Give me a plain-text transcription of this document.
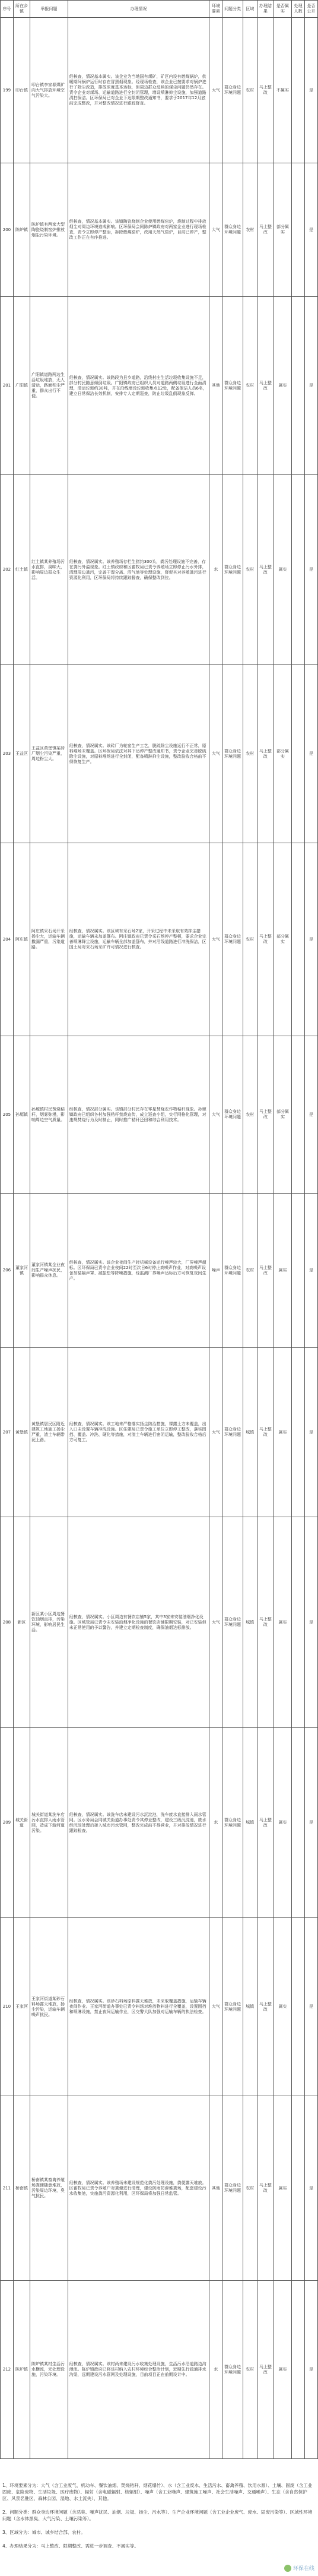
序号	所在乡镇	举报问题	办理情况	环境要素	问题分类	区域	办理结果	是否属实	处理人数	是否公开
199	印台镇	印台镇李家塬煤矿向大气排放环境空气污染大。	经核查，情况基本属实。该企业为当地国有煤矿，矿区内设有燃煤锅炉，供暖期间锅炉运行时存在冒黑烟现象。经现场检查，该企业已按要求对锅炉进行了除尘改造，排放浓度基本达标，但周边群众反映的煤尘问题仍然存在。责令企业对煤场、运输道路进行全封闭管理，增设喷淋抑尘设施，加强道路清扫保洁。区环保局已对企业下达限期整改通知书，要求于2017年12月底前完成整改，并对整改情况进行跟踪督查。	大气	群众身边环境问题	农村	马上整改	不属实		是
200	陈炉镇	陈炉镇有两家大型陶瓷烧制窑炉排放烟尘污染环境。	经核查，情况基本属实。该镇陶瓷烧制企业使用燃煤窑炉，烧制过程中排放烟尘对周边环境造成影响。区环保局会同陈炉镇政府对两家企业进行现场检查，责令立即停产整治，拆除燃煤窑炉，改用天然气窑炉，目前已停产，整改工作正在有序推进。	大气	群众身边环境问题	农村	马上整改	部分属实		是
201	广阳镇	广阳镇道路两边生活垃圾堆放，无人清运，路面积尘严重，群众出行不便。	经核查，情况属实。该路段为县乡道路，沿线村庄生活垃圾收集设施不足，部分村民随意倾倒垃圾。广阳镇政府已组织人员对道路两侧垃圾进行全面清理，清运垃圾约30吨，并在沿线增设垃圾收集点12处，配备保洁人员6名，建立日常保洁长效机制，安排专人定期巡查，防止垃圾乱倒现象反弹。	其他	群众身边环境问题	农村	马上整改	属实		是
202	红土镇	红土镇某养殖场污水直排，臭味大，影响周边群众生活。	经核查，情况属实。该养殖场存栏生猪约300头，粪污处理设施不完善，存在粪污外溢现象。红土镇政府和区畜牧局已责令养殖场立即停止污水外排，清理周边粪污，完善干湿分离、沼气池等处理设施，督促其对养殖粪污进行资源化利用，区环保局将持续跟踪督查，确保整改到位。	水	群众身边环境问题	农村	马上整改	属实		是
203	王益区	王益区黄堡镇某砖厂烟尘污染严重，周边粉尘大。	经核查，情况属实。该砖厂为轮窑生产工艺，脱硫除尘设施运行不正常，原料堆场未覆盖。区环保局依法对其下达停产整改通知书，责令企业完善脱硫除尘设施，对原料堆场进行全封闭，配备喷淋抑尘设施，整改验收合格前不得恢复生产。	大气	群众身边环境问题	农村	马上整改	部分属实		是
204	阿庄镇	阿庄镇采石场开采扬尘大，运输车辆撒漏严重，污染道路。	经核查，情况属实。该区域有采石场2家，开采过程中未采取有效抑尘措施，运输车辆未加盖篷布。阿庄镇政府已责令采石场停产整顿，要求企业完善喷淋降尘设施，运输车辆全部加盖篷布，并对沿线道路进行冲洗保洁，区国土局对采石场采矿许可情况进行核查。	大气	群众身边环境问题	农村	马上整改	部分属实		是
205	孙塬镇	孙塬镇村民焚烧秸秆，烟雾弥漫，影响周边空气质量。	经核查，情况部分属实。该镇部分村民存在零星焚烧农作物秸秆现象。孙塬镇政府已组织各村加强秸秆禁烧宣传，成立巡查小组，实行网格化管理，对违规焚烧行为及时制止，同时推广秸秆还田和综合利用技术。	大气	群众身边环境问题	农村	马上整改	部分属实		是
206	董家河镇	董家河镇某企业夜间生产噪声扰民，影响群众休息。	经核查，情况属实。该企业夜间生产时机械设备运行噪声较大，厂界噪声超标。区环保局已责令企业夜间22时至次日6时停止高噪声作业，对高噪声设备加装隔声罩、减振垫等降噪措施，经监测厂界噪声达标后方可恢复夜间生产。	噪声	群众身边环境问题	农村	马上整改	属实		是
207	黄堡镇	黄堡镇居民区附近建筑工地施工扬尘严重，渣土车辆带泥上路。	经核查，情况属实。该工地未严格落实扬尘防治措施，裸露土方未覆盖，出入口未设置车辆冲洗设施。区住建局已责令施工单位立即停工整改，落实围挡、覆盖、冲洗、硬化等措施，对渣土车辆进行密闭运输，整改验收合格后方可复工。	大气	群众身边环境问题	城镇	马上整改	属实		是
208	新区	新区某小区周边餐饮油烟直排，污染环境，影响居民生活。	经核查，情况属实。小区周边有餐饮店铺5家，其中3家未安装油烟净化设施。区城管局已责令未安装油烟净化设施的餐饮店铺限期安装，对已安装但未正常使用的予以警告，并建立定期检查制度，确保油烟达标排放。	大气	群众身边环境问题	城镇	马上整改	属实		是
209	城关街道	城关街道某洗车店污水直排入雨水管网，造成下游河道污染。	经核查，情况属实。该洗车店未建设污水沉淀池，洗车废水直接排入雨水管网。区水务局会同城关街道办事处责令其停业整改，建设三级沉淀池，废水经沉淀处理后接入城市污水管网，整改完成前不得营业，并对排放情况进行跟踪检查。	水	群众身边环境问题	城镇	马上整改	属实		是
210	王家河	王家河街道某砂石料场露天堆放，扬尘污染，运输车辆噪声扰民。	经核查，情况属实。该砂石料场原料露天堆放，未采取覆盖措施，运输车辆夜间作业。王家河街道办事处已责令料场对堆放物料进行全覆盖，设置围挡和喷淋设施，禁止夜间运输作业，区交警大队加强对运输车辆的执法检查。	大气	群众身边环境问题	城镇	马上整改	属实		是
211	桥南镇	桥南镇某畜禽养殖场粪便随意堆放，污染周边环境，臭气扰民。	经核查，情况属实。该养殖场未建设规范化粪污处理设施，粪便露天堆放。区畜牧局已责令养殖户对粪便进行清理，建设防雨防渗堆粪场，配套建设污水收集池，实施粪污资源化利用，区环保局将加强日常监管。	其他	群众身边环境问题	农村	马上整改	属实		是
212	陈炉镇	陈炉镇某村生活污水横流，无处理设施，污染环境。	经核查，情况属实。该村尚未建设污水收集处理设施，生活污水沿道路边沟漫流。陈炉镇政府已将该村纳入农村环境综合整治计划，近期先行疏通排水沟渠，远期建设污水管网及处理设施，目前项目正在前期设计中。	水	群众身边环境问题	农村	马上整改	属实		是

1、环境要素分为：大气（含工业废气、机动车、餐饮油烟、焚烧秸秆、烟花爆竹）、水（含工业废水、生活污水、畜禽养殖、饮用水源）、土壤、固废（含工业固废、危险废物、生活垃圾、医疗废物）、辐射（含电磁辐射、核辐射）、噪声（含工业噪声、建筑施工噪声、社会生活噪声、交通噪声）、生态（含自然保护区、风景名胜区、森林公园、湿地、水土流失）、其他。

2、问题分类：群众身边环境问题（含恶臭、噪声扰民、油烟、垃圾、扬尘、污水等）、生产企业环境问题（含工业企业废气、废水、固废污染等）、区域性环境问题（含水体黑臭、大气污染、土壤污染等）。

3、区域分为：城市、城乡结合部、农村。

4、办理结果分为：马上整改、限期整改、需进一步调查、不属实等。

环保在线
